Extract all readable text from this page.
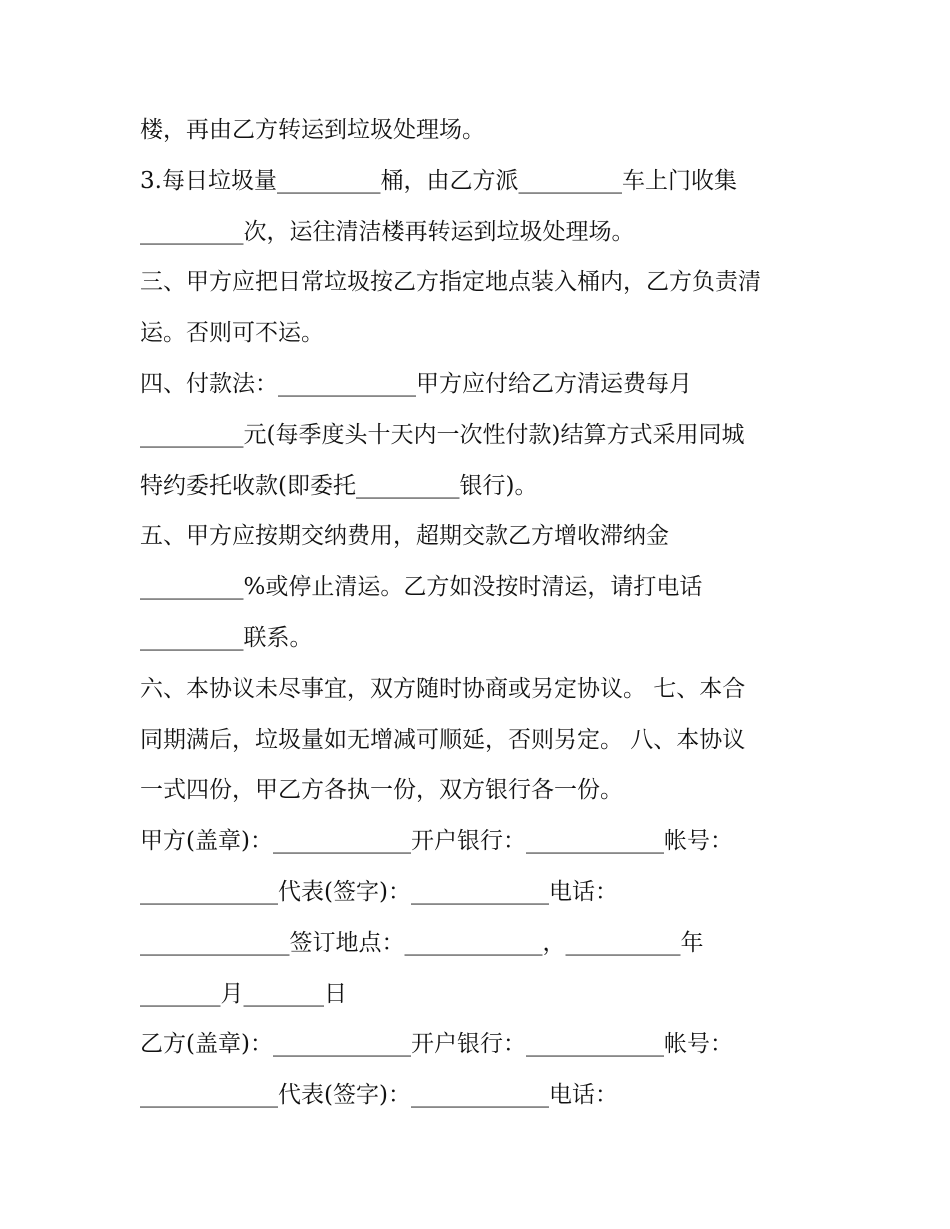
楼，再由乙方转运到垃圾处理场。

3.每日垃圾量_________桶，由乙方派_________车上门收集

_________次，运往清洁楼再转运到垃圾处理场。

三、甲方应把日常垃圾按乙方指定地点装入桶内，乙方负责清

运。否则可不运。

四、付款法：____________甲方应付给乙方清运费每月

_________元(每季度头十天内一次性付款)结算方式采用同城

特约委托收款(即委托_________银行)。

五、甲方应按期交纳费用，超期交款乙方增收滞纳金

_________%或停止清运。乙方如没按时清运，请打电话

_________联系。

六、本协议未尽事宜，双方随时协商或另定协议。 七、本合

同期满后，垃圾量如无增减可顺延，否则另定。 八、本协议

一式四份，甲乙方各执一份，双方银行各一份。

甲方(盖章)：____________开户银行：____________帐号：

____________代表(签字)：____________电话：

_____________签订地点：____________，__________年

_______月_______日

乙方(盖章)：____________开户银行：____________帐号：

____________代表(签字)：____________电话：
